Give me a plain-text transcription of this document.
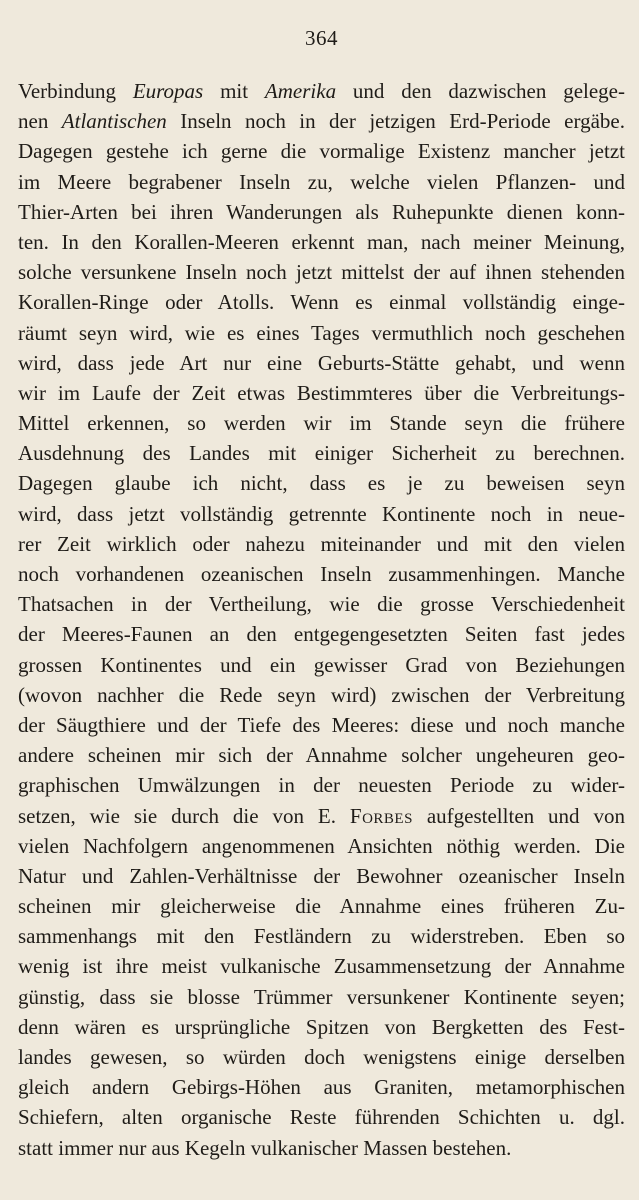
364
Verbindung Europas mit Amerika und den dazwischen gelege-
nen Atlantischen Inseln noch in der jetzigen Erd-Periode ergäbe.
Dagegen gestehe ich gerne die vormalige Existenz mancher jetzt
im Meere begrabener Inseln zu, welche vielen Pflanzen- und
Thier-Arten bei ihren Wanderungen als Ruhepunkte dienen konn-
ten. In den Korallen-Meeren erkennt man, nach meiner Meinung,
solche versunkene Inseln noch jetzt mittelst der auf ihnen stehenden
Korallen-Ringe oder Atolls. Wenn es einmal vollständig einge-
räumt seyn wird, wie es eines Tages vermuthlich noch geschehen
wird, dass jede Art nur eine Geburts-Stätte gehabt, und wenn
wir im Laufe der Zeit etwas Bestimmteres über die Verbreitungs-
Mittel erkennen, so werden wir im Stande seyn die frühere
Ausdehnung des Landes mit einiger Sicherheit zu berechnen.
Dagegen glaube ich nicht, dass es je zu beweisen seyn
wird, dass jetzt vollständig getrennte Kontinente noch in neue-
rer Zeit wirklich oder nahezu miteinander und mit den vielen
noch vorhandenen ozeanischen Inseln zusammenhingen. Manche
Thatsachen in der Vertheilung, wie die grosse Verschiedenheit
der Meeres-Faunen an den entgegengesetzten Seiten fast jedes
grossen Kontinentes und ein gewisser Grad von Beziehungen
(wovon nachher die Rede seyn wird) zwischen der Verbreitung
der Säugthiere und der Tiefe des Meeres: diese und noch manche
andere scheinen mir sich der Annahme solcher ungeheuren geo-
graphischen Umwälzungen in der neuesten Periode zu wider-
setzen, wie sie durch die von E. Forbes aufgestellten und von
vielen Nachfolgern angenommenen Ansichten nöthig werden. Die
Natur und Zahlen-Verhältnisse der Bewohner ozeanischer Inseln
scheinen mir gleicherweise die Annahme eines früheren Zu-
sammenhangs mit den Festländern zu widerstreben. Eben so
wenig ist ihre meist vulkanische Zusammensetzung der Annahme
günstig, dass sie blosse Trümmer versunkener Kontinente seyen;
denn wären es ursprüngliche Spitzen von Bergketten des Fest-
landes gewesen, so würden doch wenigstens einige derselben
gleich andern Gebirgs-Höhen aus Graniten, metamorphischen
Schiefern, alten organische Reste führenden Schichten u. dgl.
statt immer nur aus Kegeln vulkanischer Massen bestehen.
